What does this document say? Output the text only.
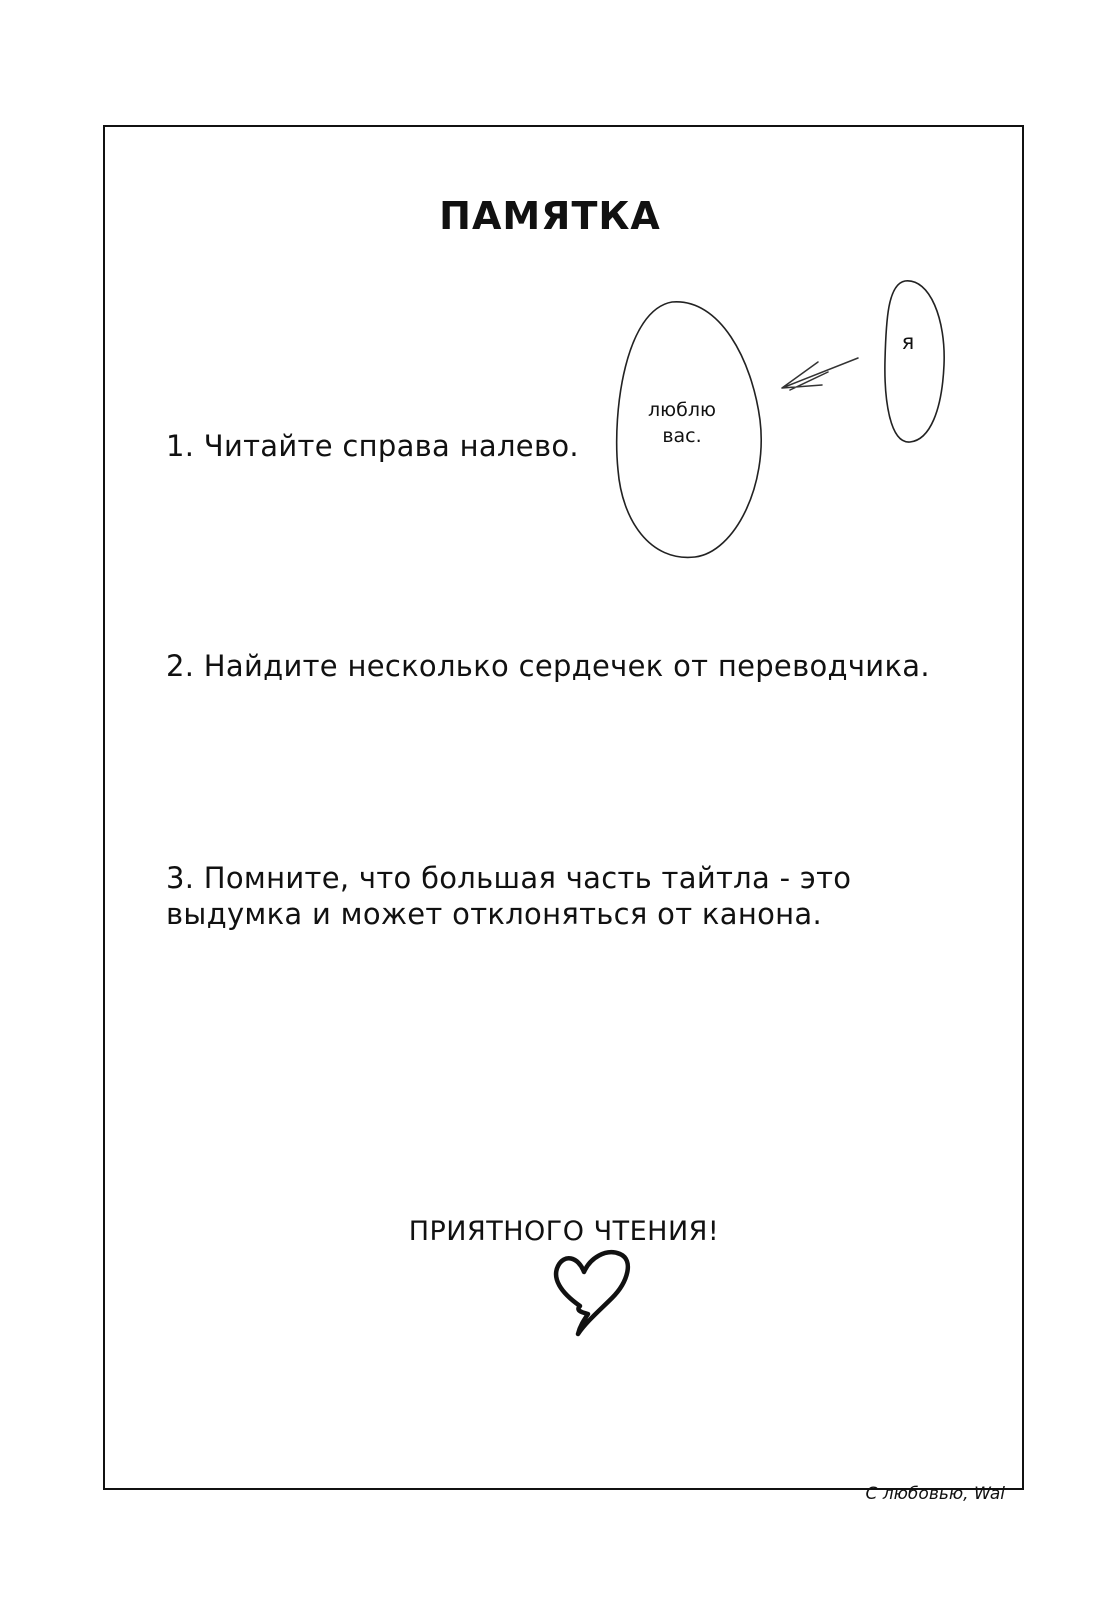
ПАМЯТКА
1. Читайте справа налево.
2. Найдите несколько сердечек от переводчика.
3. Помните, что большая часть тайтла - это
выдумка и может отклоняться от канона.
люблю
вас.
я
ПРИЯТНОГО ЧТЕНИЯ!
С любовью, Wal
